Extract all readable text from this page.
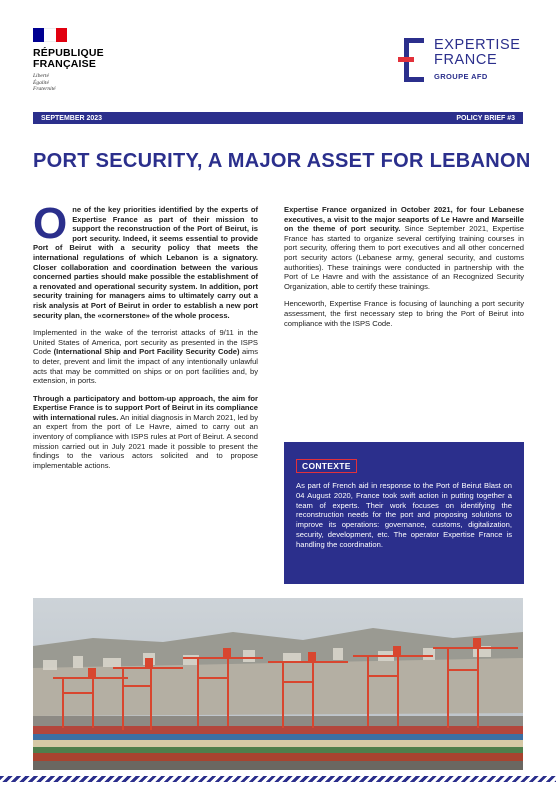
RÉPUBLIQUE
FRANÇAISE
Liberté
Égalité
Fraternité
EXPERTISE
FRANCE
GROUPE AFD
SEPTEMBER 2023	POLICY BRIEF #3
PORT SECURITY, A MAJOR ASSET FOR LEBANON

One of the key priorities identified by the experts of Expertise France as part of their mission to support the reconstruction of the Port of Beirut, is port security. Indeed, it seems essential to provide Port of Beirut with a security policy that meets the international regulations of which Lebanon is a signatory. Closer collaboration and coordination between the various concerned parties should make possible the establishment of a renovated and operational security system. In addition, port security training for managers aims to ultimately carry out a risk analysis at Port of Beirut in order to establish a new port security plan, the «cornerstone» of the whole process.

Implemented in the wake of the terrorist attacks of 9/11 in the United States of America, port security as presented in the ISPS Code (International Ship and Port Facility Security Code) aims to deter, prevent and limit the impact of any intentionally unlawful acts that may be committed on ships or on port facilities and, by extension, in ports.

Through a participatory and bottom-up approach, the aim for Expertise France is to support Port of Beirut in its compliance with international rules. An initial diagnosis in March 2021, led by an expert from the port of Le Havre, aimed to carry out an inventory of compliance with ISPS rules at Port of Beirut. A second mission carried out in July 2021 made it possible to present the findings to the various actors solicited and to propose implementable actions.

Expertise France organized in October 2021, for four Lebanese executives, a visit to the major seaports of Le Havre and Marseille on the theme of port security. Since September 2021, Expertise France has started to organize several certifying training courses in port security, offering them to port executives and all other concerned port security actors (Lebanese army, general security, and customs authorities). These trainings were conducted in partnership with the Port of Le Havre and with the assistance of an Recognized Security Organization, able to certify these trainings.

Henceworth, Expertise France is focusing of launching a port security assessment, the first necessary step to bring the Port of Beirut into compliance with the ISPS Code.

CONTEXTE
As part of French aid in response to the Port of Beirut Blast on 04 August 2020, France took swift action in putting together a team of experts. Their work focuses on identifying the reconstruction needs for the port and proposing solutions to improve its operations: governance, customs, digitalization, security, development, etc. The operator Expertise France is handling the coordination.
